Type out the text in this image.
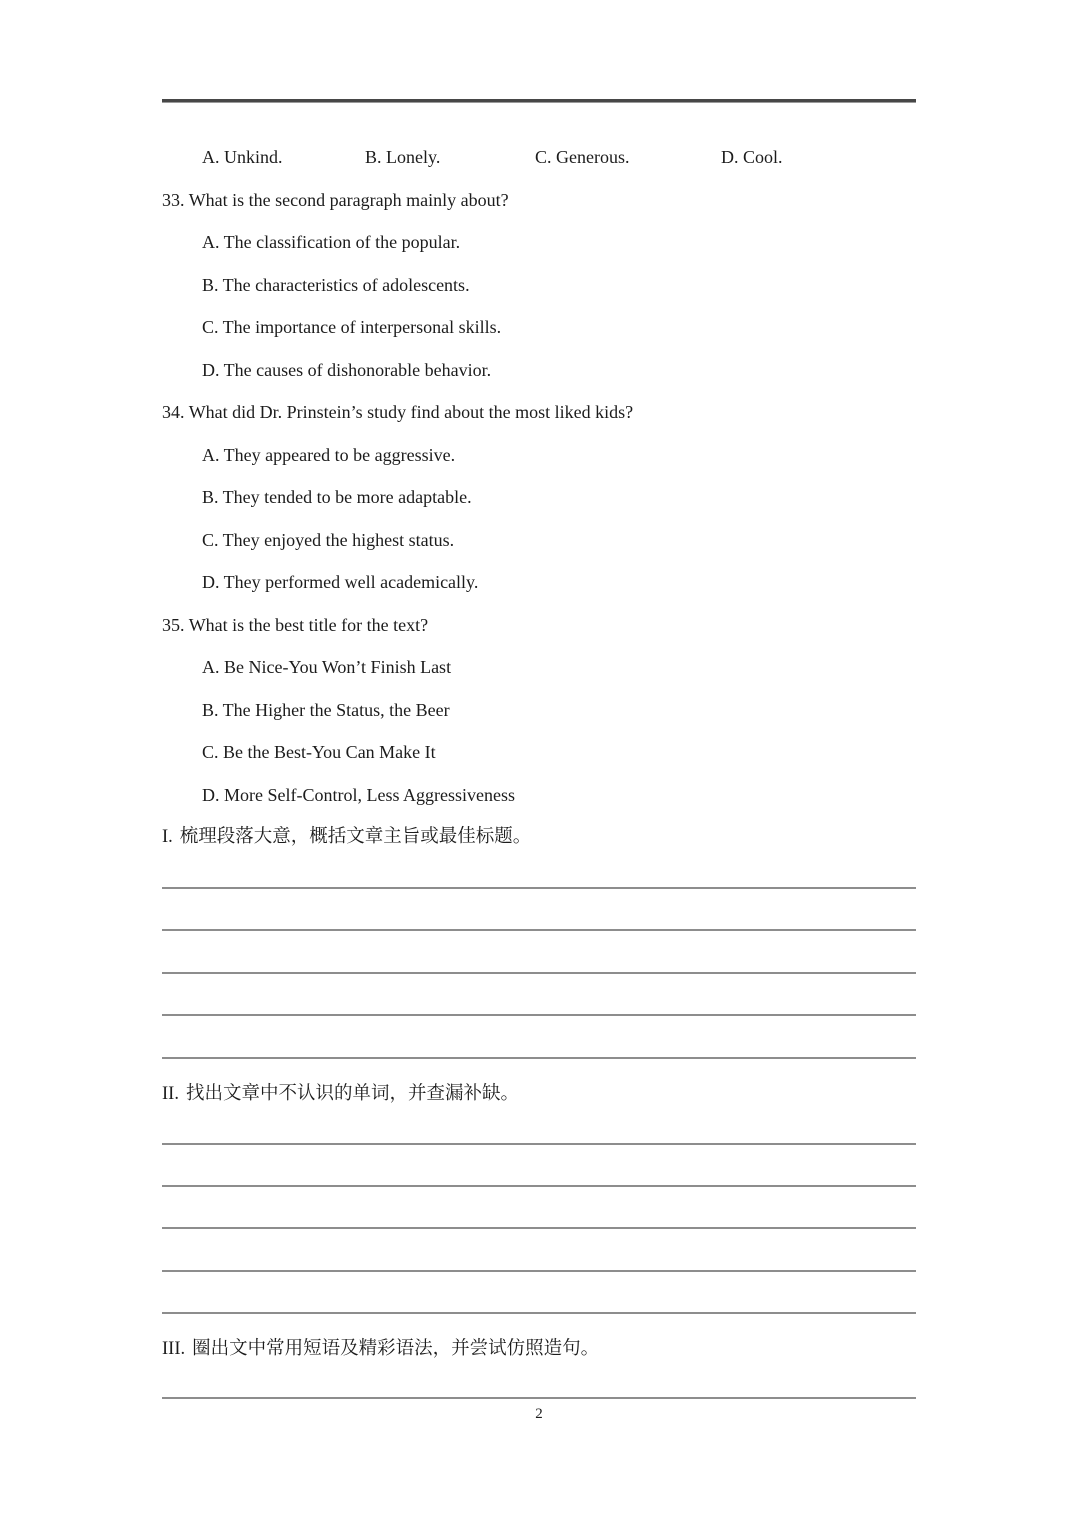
A. Unkind.	B. Lonely.	C. Generous.	D. Cool.
33. What is the second paragraph mainly about?
A. The classification of the popular.
B. The characteristics of adolescents.
C. The importance of interpersonal skills.
D. The causes of dishonorable behavior.
34. What did Dr. Prinstein’s study find about the most liked kids?
A. They appeared to be aggressive.
B. They tended to be more adaptable.
C. They enjoyed the highest status.
D. They performed well academically.
35. What is the best title for the text?
A. Be Nice-You Won’t Finish Last
B. The Higher the Status, the Beer
C. Be the Best-You Can Make It
D. More Self-Control, Less Aggressiveness
I. 梳理段落大意，概括文章主旨或最佳标题。
II. 找出文章中不认识的单词，并查漏补缺。
III. 圈出文中常用短语及精彩语法，并尝试仿照造句。
2
